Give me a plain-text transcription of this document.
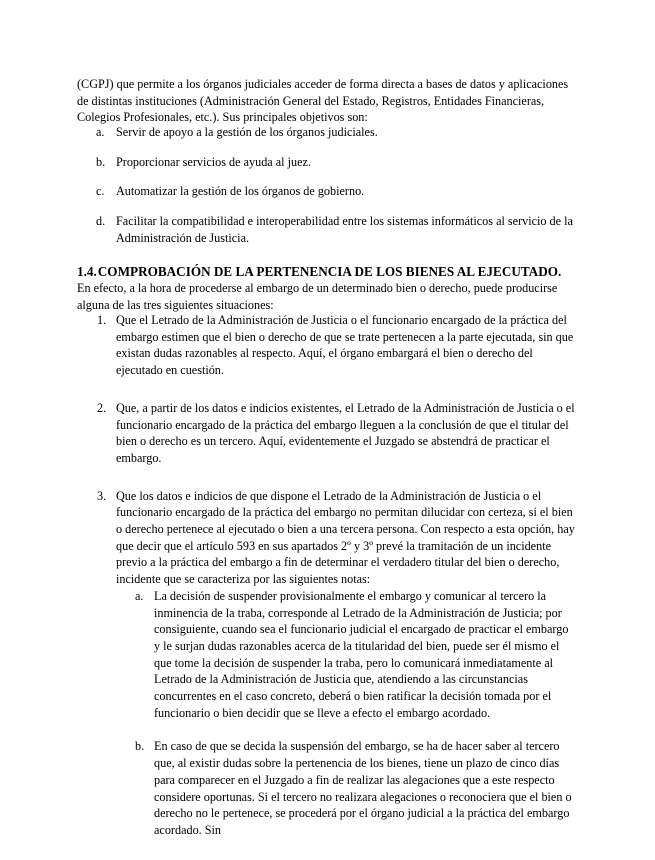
(CGPJ) que permite a los órganos judiciales acceder de forma directa a bases de datos y aplicaciones de distintas instituciones (Administración General del Estado, Registros, Entidades Financieras, Colegios Profesionales, etc.). Sus principales objetivos son:

a. Servir de apoyo a la gestión de los órganos judiciales.
b. Proporcionar servicios de ayuda al juez.
c. Automatizar la gestión de los órganos de gobierno.
d. Facilitar la compatibilidad e interoperabilidad entre los sistemas informáticos al servicio de la Administración de Justicia.
1.4.COMPROBACIÓN DE LA PERTENENCIA DE LOS BIENES AL EJECUTADO.

En efecto, a la hora de procederse al embargo de un determinado bien o derecho, puede producirse alguna de las tres siguientes situaciones:

1. Que el Letrado de la Administración de Justicia o el funcionario encargado de la práctica del embargo estimen que el bien o derecho de que se trate pertenecen a la parte ejecutada, sin que existan dudas razonables al respecto. Aquí, el órgano embargará el bien o derecho del ejecutado en cuestión.
2. Que, a partir de los datos e indicios existentes, el Letrado de la Administración de Justicia o el funcionario encargado de la práctica del embargo lleguen a la conclusión de que el titular del bien o derecho es un tercero. Aquí, evidentemente el Juzgado se abstendrá de practicar el embargo.
3. Que los datos e indicios de que dispone el Letrado de la Administración de Justicia o el funcionario encargado de la práctica del embargo no permitan dilucidar con certeza, si el bien o derecho pertenece al ejecutado o bien a una tercera persona. Con respecto a esta opción, hay que decir que el artículo 593 en sus apartados 2º y 3º prevé la tramitación de un incidente previo a la práctica del embargo a fin de determinar el verdadero titular del bien o derecho, incidente que se caracteriza por las siguientes notas:
a. La decisión de suspender provisionalmente el embargo y comunicar al tercero la inminencia de la traba, corresponde al Letrado de la Administración de Justicia; por consiguiente, cuando sea el funcionario judicial el encargado de practicar el embargo y le surjan dudas razonables acerca de la titularidad del bien, puede ser él mismo el que tome la decisión de suspender la traba, pero lo comunicará inmediatamente al Letrado de la Administración de Justicia que, atendiendo a las circunstancias concurrentes en el caso concreto, deberá o bien ratificar la decisión tomada por el funcionario o bien decidir que se lleve a efecto el embargo acordado.
b. En caso de que se decida la suspensión del embargo, se ha de hacer saber al tercero que, al existir dudas sobre la pertenencia de los bienes, tiene un plazo de cinco días para comparecer en el Juzgado a fin de realizar las alegaciones que a este respecto considere oportunas. Si el tercero no realizara alegaciones o reconociera que el bien o derecho no le pertenece, se procederá por el órgano judicial a la práctica del embargo acordado. Sin
